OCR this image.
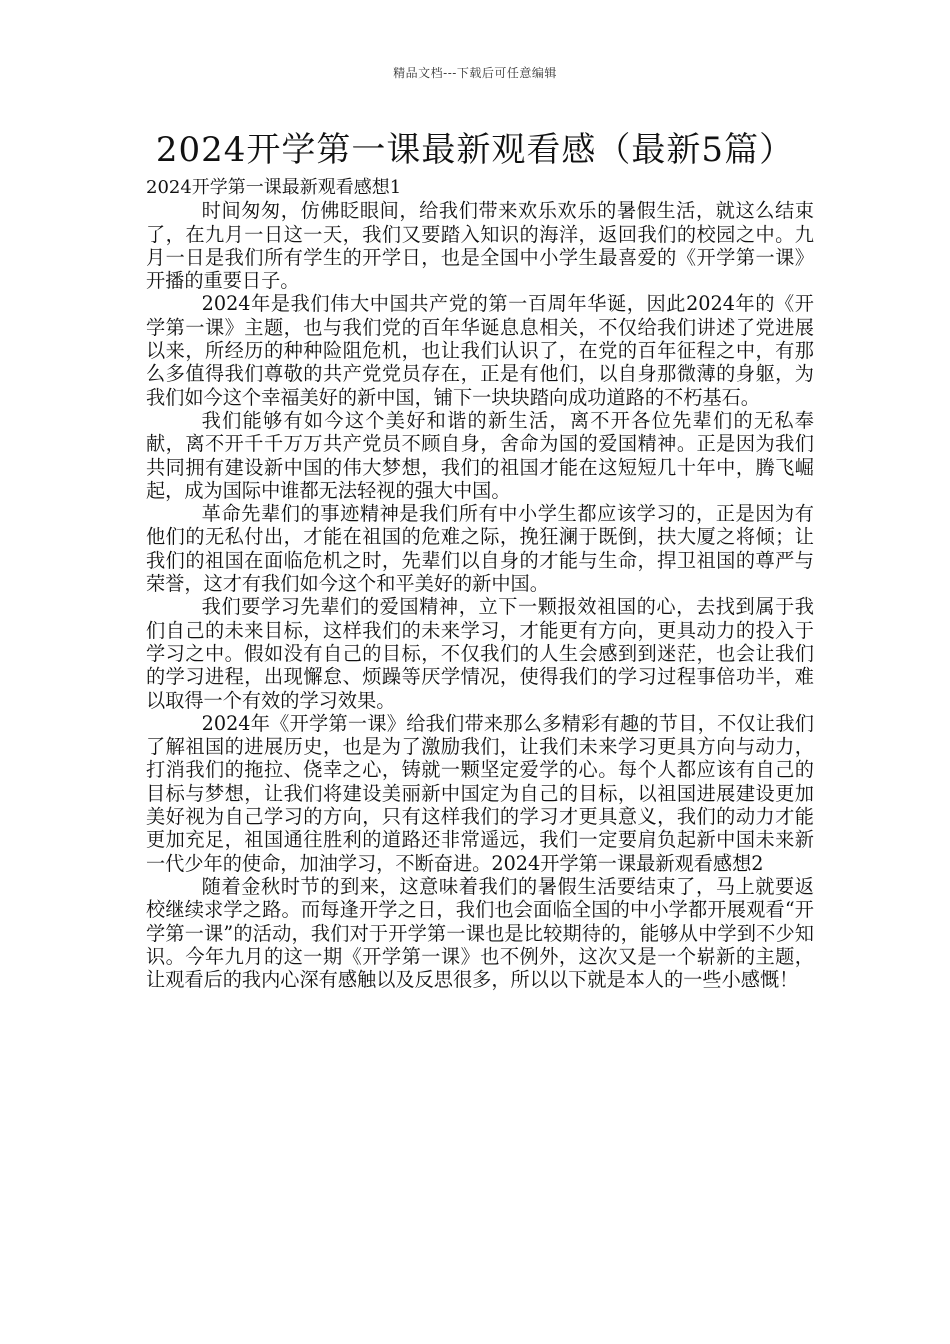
精品文档---下载后可任意编辑
2024开学第一课最新观看感（最新5篇）

2024开学第一课最新观看感想1

时间匆匆，仿佛眨眼间，给我们带来欢乐欢乐的暑假生活，就这么结束了，在九月一日这一天，我们又要踏入知识的海洋，返回我们的校园之中。九月一日是我们所有学生的开学日，也是全国中小学生最喜爱的《开学第一课》开播的重要日子。

2024年是我们伟大中国共产党的第一百周年华诞，因此2024年的《开学第一课》主题，也与我们党的百年华诞息息相关，不仅给我们讲述了党进展以来，所经历的种种险阻危机，也让我们认识了，在党的百年征程之中，有那么多值得我们尊敬的共产党党员存在，正是有他们，以自身那微薄的身躯，为我们如今这个幸福美好的新中国，铺下一块块踏向成功道路的不朽基石。

我们能够有如今这个美好和谐的新生活，离不开各位先辈们的无私奉献，离不开千千万万共产党员不顾自身，舍命为国的爱国精神。正是因为我们共同拥有建设新中国的伟大梦想，我们的祖国才能在这短短几十年中，腾飞崛起，成为国际中谁都无法轻视的强大中国。

革命先辈们的事迹精神是我们所有中小学生都应该学习的，正是因为有他们的无私付出，才能在祖国的危难之际，挽狂澜于既倒，扶大厦之将倾；让我们的祖国在面临危机之时，先辈们以自身的才能与生命，捍卫祖国的尊严与荣誉，这才有我们如今这个和平美好的新中国。

我们要学习先辈们的爱国精神，立下一颗报效祖国的心，去找到属于我们自己的未来目标，这样我们的未来学习，才能更有方向，更具动力的投入于学习之中。假如没有自己的目标，不仅我们的人生会感到到迷茫，也会让我们的学习进程，出现懈怠、烦躁等厌学情况，使得我们的学习过程事倍功半，难以取得一个有效的学习效果。

2024年《开学第一课》给我们带来那么多精彩有趣的节目，不仅让我们了解祖国的进展历史，也是为了激励我们，让我们未来学习更具方向与动力，打消我们的拖拉、侥幸之心，铸就一颗坚定爱学的心。每个人都应该有自己的目标与梦想，让我们将建设美丽新中国定为自己的目标，以祖国进展建设更加美好视为自己学习的方向，只有这样我们的学习才更具意义，我们的动力才能更加充足，祖国通往胜利的道路还非常遥远，我们一定要肩负起新中国未来新一代少年的使命，加油学习，不断奋进。2024开学第一课最新观看感想2

随着金秋时节的到来，这意味着我们的暑假生活要结束了，马上就要返校继续求学之路。而每逢开学之日，我们也会面临全国的中小学都开展观看“开学第一课”的活动，我们对于开学第一课也是比较期待的，能够从中学到不少知识。今年九月的这一期《开学第一课》也不例外，这次又是一个崭新的主题，让观看后的我内心深有感触以及反思很多，所以以下就是本人的一些小感慨！
